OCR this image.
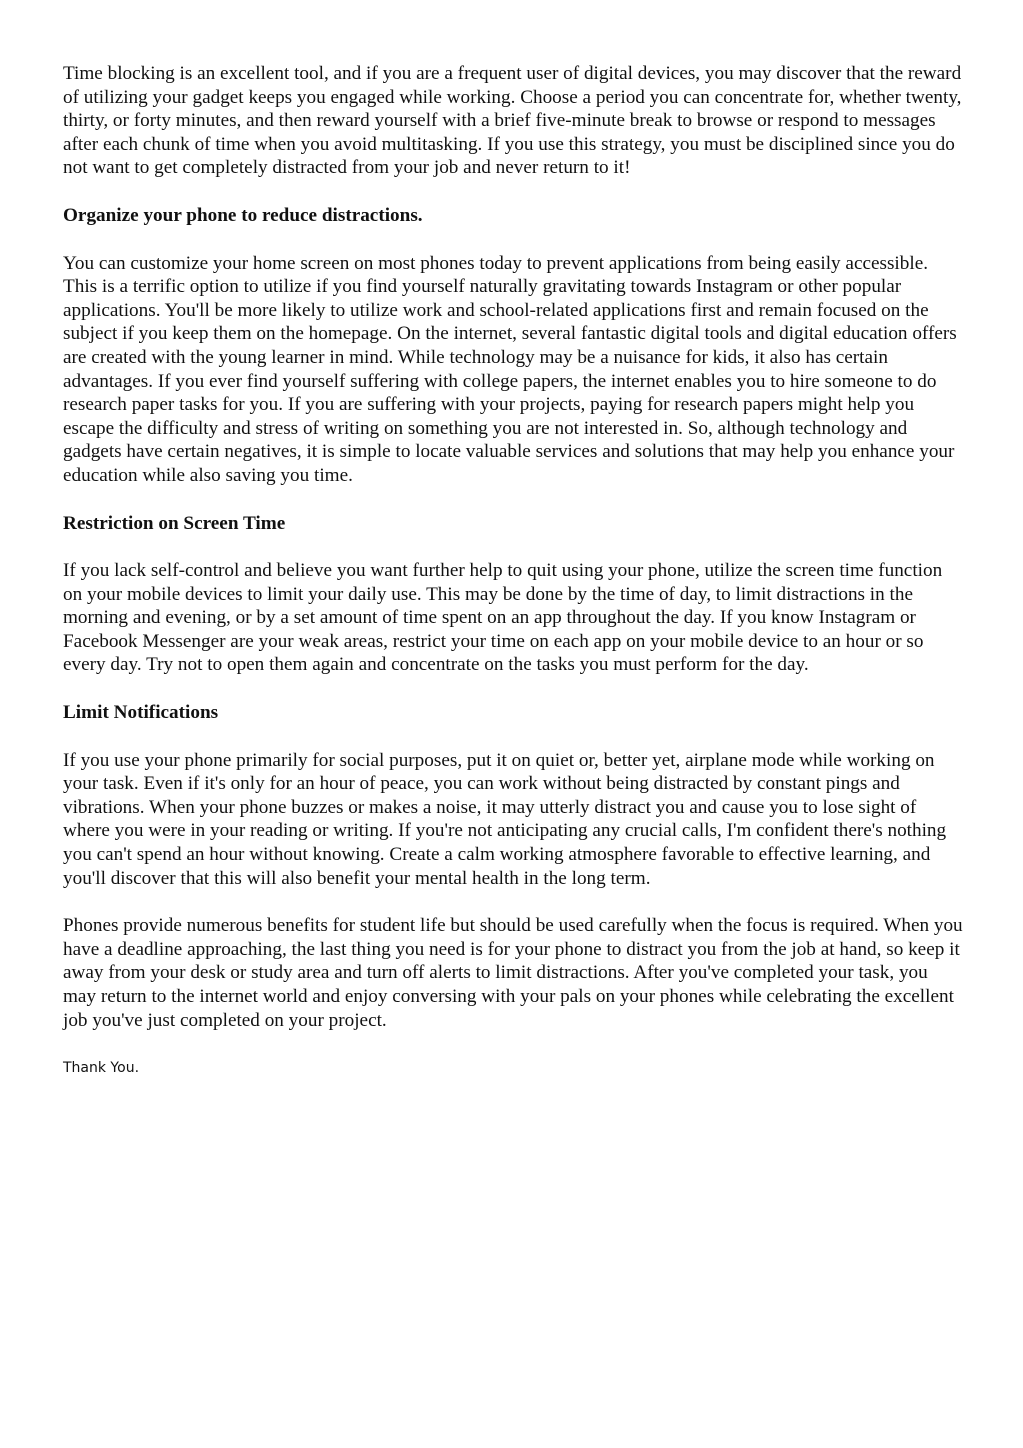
Time blocking is an excellent tool, and if you are a frequent user of digital devices, you may discover that the reward of utilizing your gadget keeps you engaged while working. Choose a period you can concentrate for, whether twenty, thirty, or forty minutes, and then reward yourself with a brief five-minute break to browse or respond to messages after each chunk of time when you avoid multitasking. If you use this strategy, you must be disciplined since you do not want to get completely distracted from your job and never return to it!

Organize your phone to reduce distractions.

You can customize your home screen on most phones today to prevent applications from being easily accessible. This is a terrific option to utilize if you find yourself naturally gravitating towards Instagram or other popular applications. You'll be more likely to utilize work and school-related applications first and remain focused on the subject if you keep them on the homepage. On the internet, several fantastic digital tools and digital education offers are created with the young learner in mind. While technology may be a nuisance for kids, it also has certain advantages. If you ever find yourself suffering with college papers, the internet enables you to hire someone to do research paper tasks for you. If you are suffering with your projects, paying for research papers might help you escape the difficulty and stress of writing on something you are not interested in. So, although technology and gadgets have certain negatives, it is simple to locate valuable services and solutions that may help you enhance your education while also saving you time.

Restriction on Screen Time

If you lack self-control and believe you want further help to quit using your phone, utilize the screen time function on your mobile devices to limit your daily use. This may be done by the time of day, to limit distractions in the morning and evening, or by a set amount of time spent on an app throughout the day. If you know Instagram or Facebook Messenger are your weak areas, restrict your time on each app on your mobile device to an hour or so every day. Try not to open them again and concentrate on the tasks you must perform for the day.

Limit Notifications

If you use your phone primarily for social purposes, put it on quiet or, better yet, airplane mode while working on your task. Even if it's only for an hour of peace, you can work without being distracted by constant pings and vibrations. When your phone buzzes or makes a noise, it may utterly distract you and cause you to lose sight of where you were in your reading or writing. If you're not anticipating any crucial calls, I'm confident there's nothing you can't spend an hour without knowing. Create a calm working atmosphere favorable to effective learning, and you'll discover that this will also benefit your mental health in the long term.

Phones provide numerous benefits for student life but should be used carefully when the focus is required. When you have a deadline approaching, the last thing you need is for your phone to distract you from the job at hand, so keep it away from your desk or study area and turn off alerts to limit distractions. After you've completed your task, you may return to the internet world and enjoy conversing with your pals on your phones while celebrating the excellent job you've just completed on your project.

Thank You.
